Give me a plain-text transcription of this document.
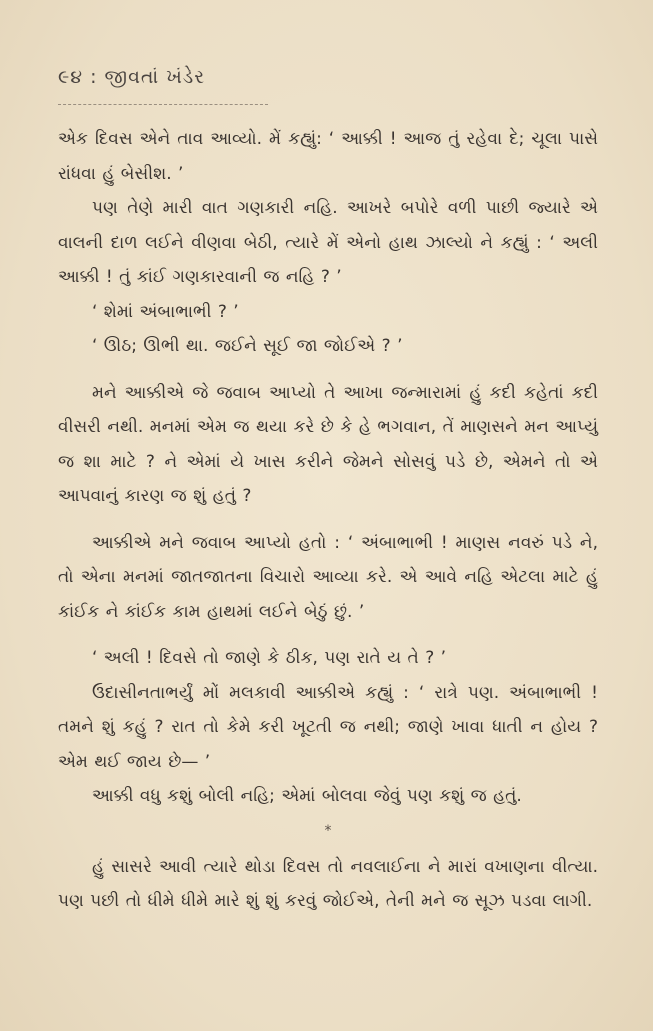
૯૪ : જીવતાં ખંડેર

એક દિવસ એને તાવ આવ્યો. મેં કહ્યું: ‘ આક્કી ! આજ તું રહેવા દે; ચૂલા પાસે રાંધવા હું બેસીશ. ’

પણ તેણે મારી વાત ગણકારી નહિ. આખરે બપોરે વળી પાછી જ્યારે એ વાલની દાળ લઈને વીણવા બેઠી, ત્યારે મેં એનો હાથ ઝાલ્યો ને કહ્યું : ‘ અલી આક્કી ! તું કાંઈ ગણકારવાની જ નહિ ? ’

‘ શેમાં અંબાભાભી ? ’

‘ ઊઠ; ઊભી થા. જઈને સૂઈ જા જોઈએ ? ’

મને આક્કીએ જે જવાબ આપ્યો તે આખા જન્મારામાં હું કદી કહેતાં કદી વીસરી નથી. મનમાં એમ જ થયા કરે છે કે હે ભગવાન, તેં માણસને મન આપ્યું જ શા માટે ? ને એમાં યે ખાસ કરીને જેમને સોસવું પડે છે, એમને તો એ આપવાનું કારણ જ શું હતું ?

આક્કીએ મને જવાબ આપ્યો હતો : ‘ અંબાભાભી ! માણસ નવરું પડે ને, તો એના મનમાં જાતજાતના વિચારો આવ્યા કરે. એ આવે નહિ એટલા માટે હું કાંઈક ને કાંઈક કામ હાથમાં લઈને બેઠું છું. ’

‘ અલી ! દિવસે તો જાણે કે ઠીક, પણ રાતે ય તે ? ’

ઉદાસીનતાભર્યું મોં મલકાવી આક્કીએ કહ્યું : ‘ રાત્રે પણ. અંબાભાભી ! તમને શું કહું ? રાત તો કેમે કરી ખૂટતી જ નથી; જાણે ખાવા ધાતી ન હોય ? એમ થઈ જાય છે— ’

આક્કી વધુ કશું બોલી નહિ; એમાં બોલવા જેવું પણ કશું જ હતું.

*

હું સાસરે આવી ત્યારે થોડા દિવસ તો નવલાઈના ને મારાં વખાણના વીત્યા. પણ પછી તો ધીમે ધીમે મારે શું શું કરવું જોઈએ, તેની મને જ સૂઝ પડવા લાગી.
